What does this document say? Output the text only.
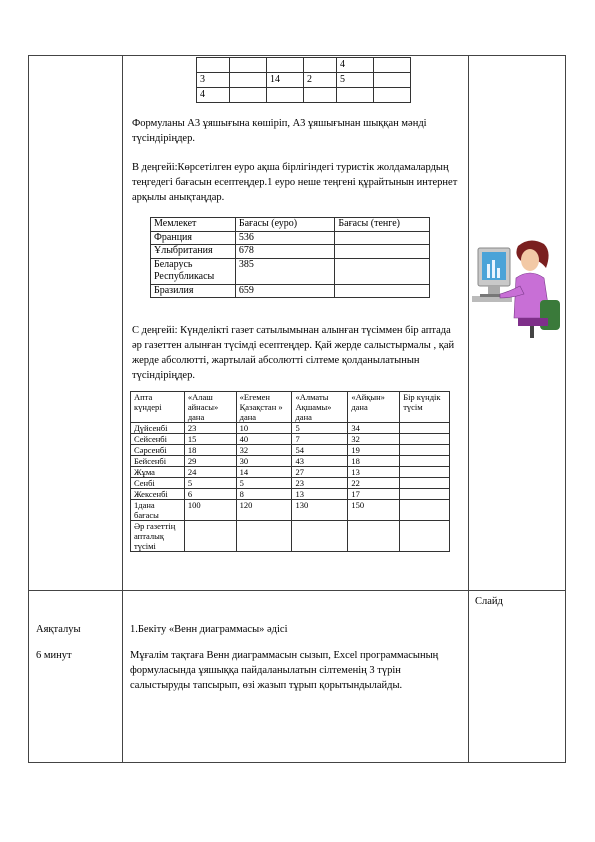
				4	
3		14	2	5	
4					

Формуланы А3 ұяшығына көшіріп, А3 ұяшығынан шыққан мәнді түсіндіріңдер.

В деңгейі:Көрсетілген еуро ақша бірлігіндегі туристік жолдамалардың теңгедегі бағасын есептеңдер.1 еуро неше теңгені құрайтынын интернет арқылы анықтаңдар.

Мемлекет	Бағасы (еуро)	Бағасы (тенге)
Франция	536	
Ұлыбритания	678	
Беларусь Республикасы	385	
Бразилия	659	

С деңгейі: Күнделікті газет сатылымынан алынған түсіммен бір аптада әр газеттен алынған түсімді есептеңдер. Қай жерде салыстырмалы , қай жерде абсолютті, жартылай абсолютті сілтеме қолданылатынын түсіндіріңдер.

Апта күндері	«Алаш айнасы» дана	«Егемен Қазақстан » дана	«Алматы Ақшамы» дана	«Айқын» дана	Бір күндік түсім
Дүйсенбі	23	10	5	34	
Сейсенбі	15	40	7	32	
Сәрсенбі	18	32	54	19	
Бейсенбі	29	30	43	18	
Жұма	24	14	27	13	
Сенбі	5	5	23	22	
Жексенбі	6	8	13	17	
1дана бағасы	100	120	130	150	
Әр газеттің апталық түсімі					

Слайд

Аяқталуы

6 минут

1.Бекіту «Венн диаграммасы» әдісі

Мұғалім тақтаға Венн диаграммасын сызып, Excel программасының формуласында ұяшыққа пайдаланылатын сілтеменің 3 түрін салыстыруды тапсырып, өзі жазып тұрып қорытындылайды.
